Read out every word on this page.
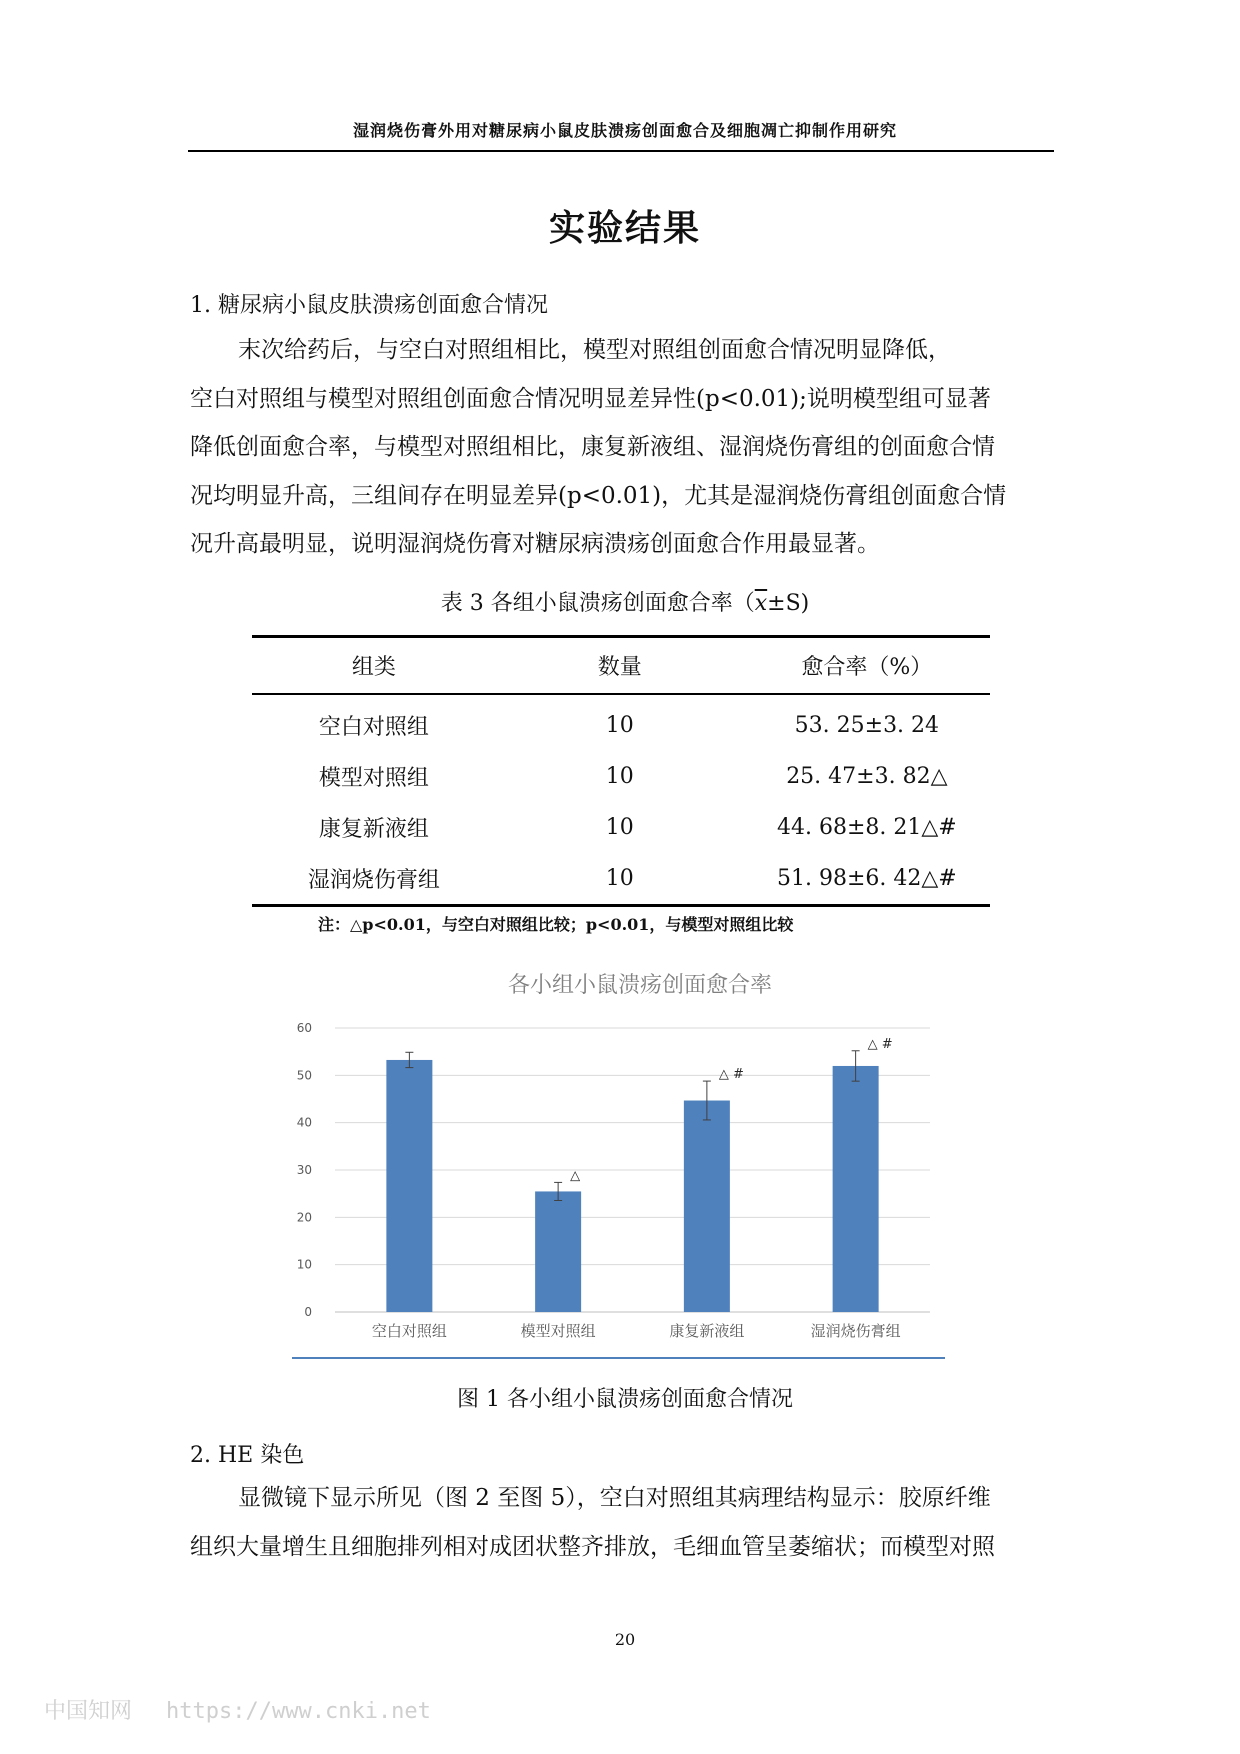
湿润烧伤膏外用对糖尿病小鼠皮肤溃疡创面愈合及细胞凋亡抑制作用研究
实验结果
1. 糖尿病小鼠皮肤溃疡创面愈合情况
末次给药后，与空白对照组相比，模型对照组创面愈合情况明显降低，
空白对照组与模型对照组创面愈合情况明显差异性(p<0.01);说明模型组可显著
降低创面愈合率，与模型对照组相比，康复新液组、湿润烧伤膏组的创面愈合情
况均明显升高，三组间存在明显差异(p<0.01)，尤其是湿润烧伤膏组创面愈合情
况升高最明显，说明湿润烧伤膏对糖尿病溃疡创面愈合作用最显著。
表 3 各组小鼠溃疡创面愈合率$(\overline{x}\pm S)$
组类	数量	愈合率（%）
空白对照组	10	53. 25±3. 24
模型对照组	10	25. 47±3. 82△
康复新液组	10	44. 68±8. 21△#
湿润烧伤膏组	10	51. 98±6. 42△#
注：△p<0.01，与空白对照组比较；p<0.01，与模型对照组比较
各小组小鼠溃疡创面愈合率
0
10
20
30
40
50
60
空白对照组
△
模型对照组
△ #
康复新液组
△ #
湿润烧伤膏组
图 1 各小组小鼠溃疡创面愈合情况
2. HE 染色
显微镜下显示所见（图 2 至图 5），空白对照组其病理结构显示：胶原纤维
组织大量增生且细胞排列相对成团状整齐排放，毛细血管呈萎缩状；而模型对照
20
中国知网 https://www.cnki.net
